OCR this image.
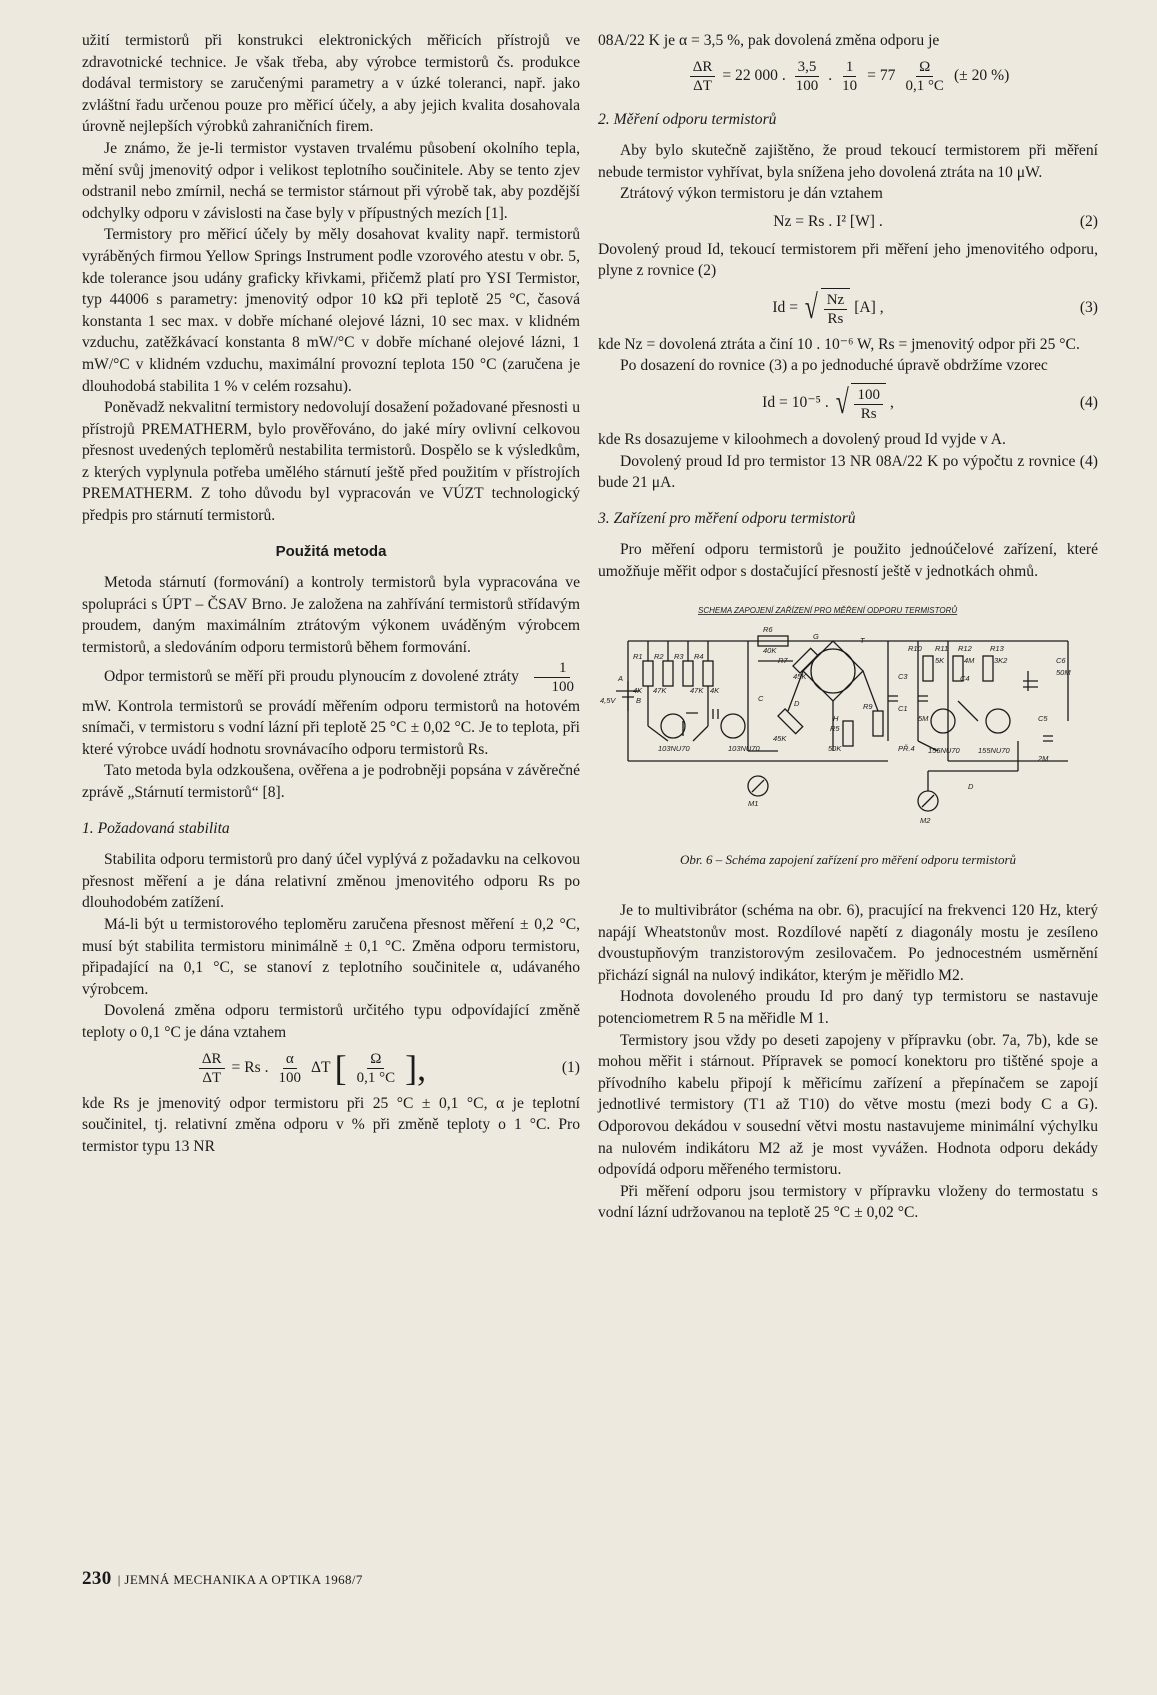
užití termistorů při konstrukci elektronických měřicích přístrojů ve zdravotnické technice. Je však třeba, aby výrobce termistorů čs. produkce dodával termistory se zaručenými parametry a v úzké toleranci, např. jako zvláštní řadu určenou pouze pro měřicí účely, a aby jejich kvalita dosahovala úrovně nejlepších výrobků zahraničních firem.

Je známo, že je-li termistor vystaven trvalému působení okolního tepla, mění svůj jmenovitý odpor i velikost teplotního součinitele. Aby se tento zjev odstranil nebo zmírnil, nechá se termistor stárnout při výrobě tak, aby pozdější odchylky odporu v závislosti na čase byly v přípustných mezích [1].

Termistory pro měřicí účely by měly dosahovat kvality např. termistorů vyráběných firmou Yellow Springs Instrument podle vzorového atestu v obr. 5, kde tolerance jsou udány graficky křivkami, přičemž platí pro YSI Termistor, typ 44006 s parametry: jmenovitý odpor 10 kΩ při teplotě 25 °C, časová konstanta 1 sec max. v dobře míchané olejové lázni, 10 sec max. v klidném vzduchu, zatěžkávací konstanta 8 mW/°C v dobře míchané olejové lázni, 1 mW/°C v klidném vzduchu, maximální provozní teplota 150 °C (zaručena je dlouhodobá stabilita 1 % v celém rozsahu).

Poněvadž nekvalitní termistory nedovolují dosažení požadované přesnosti u přístrojů PREMATHERM, bylo prověřováno, do jaké míry ovlivní celkovou přesnost uvedených teploměrů nestabilita termistorů. Dospělo se k výsledkům, z kterých vyplynula potřeba umělého stárnutí ještě před použitím v přístrojích PREMATHERM. Z toho důvodu byl vypracován ve VÚZT technologický předpis pro stárnutí termistorů.

Použitá metoda

Metoda stárnutí (formování) a kontroly termistorů byla vypracována ve spolupráci s ÚPT – ČSAV Brno. Je založena na zahřívání termistorů střídavým proudem, daným maximálním ztrátovým výkonem uváděným výrobcem termistorů, a sledováním odporu termistorů během formování.

Odpor termistorů se měří při proudu plynoucím z dovolené ztráty $\frac{1}{100}$
mW. Kontrola termistorů se provádí měřením odporu termistorů na hotovém snímači, v termistoru s vodní lázní při teplotě 25 °C ± 0,02 °C. Je to teplota, při které výrobce uvádí hodnotu srovnávacího odporu termistorů Rs.

Tato metoda byla odzkoušena, ověřena a je podrobněji popsána v závěrečné zprávě „Stárnutí termistorů“ [8].

1. Požadovaná stabilita

Stabilita odporu termistorů pro daný účel vyplývá z požadavku na celkovou přesnost měření a je dána relativní změnou jmenovitého odporu Rs po dlouhodobém zatížení.

Má-li být u termistorového teploměru zaručena přesnost měření ± 0,2 °C, musí být stabilita termistoru minimálně ± 0,1 °C. Změna odporu termistoru, připadající na 0,1 °C, se stanoví z teplotního součinitele α, udávaného výrobcem.

Dovolená změna odporu termistorů určitého typu odpovídající změně teploty o 0,1 °C je dána vztahem

$\frac{\Delta R}{\Delta T} = Rs$ . $\frac{\alpha}{100}$ ΔT [ $\frac{\Omega}{0,1 ^\circ C}$ ],	(1)

kde Rs je jmenovitý odpor termistoru při 25 °C ± 0,1 °C, α je teplotní součinitel, tj. relativní změna odporu v % při změně teploty o 1 °C. Pro termistor typu 13 NR

08A/22 K je α = 3,5 %, pak dovolená změna odporu je

$\frac{\Delta R}{\Delta T} = 22$ 000 . $\frac{3,5}{100}$ . $\frac{1}{10} = 77 \frac{\Omega}{0,1 ^\circ C}$ (± 20 %)
2. Měření odporu termistorů

Aby bylo skutečně zajištěno, že proud tekoucí termistorem při měření nebude termistor vyhřívat, byla snížena jeho dovolená ztráta na 10 μW.

Ztrátový výkon termistoru je dán vztahem

Nz = Rs . I² [W] .	(2)

Dovolený proud Id, tekoucí termistorem při měření jeho jmenovitého odporu, plyne z rovnice (2)

Id = √ $\frac{Nz}{Rs} [A]$ ,	(3)

kde Nz = dovolená ztráta a činí 10 . 10⁻⁶ W, Rs = jmenovitý odpor při 25 °C.

Po dosazení do rovnice (3) a po jednoduché úpravě obdržíme vzorec

Id = 10⁻⁵ . √ $\frac{100}{Rs}$ ,	(4)

kde Rs dosazujeme v kiloohmech a dovolený proud Id vyjde v A.

Dovolený proud Id pro termistor 13 NR 08A/22 K po výpočtu z rovnice (4) bude 21 μA.

3. Zařízení pro měření odporu termistorů

Pro měření odporu termistorů je použito jednoúčelové zařízení, které umožňuje měřit odpor s dostačující přesností ještě v jednotkách ohmů.

SCHEMA ZAPOJENÍ ZAŘÍZENÍ PRO MĚŘENÍ ODPORU TERMISTORŮ
R1 R2 R3 R4
4K 47K	47K 4K
R6
40K
R7
45K
G	T
D
H
C
45K
R5
50K
R9
C3
C1
R10 R11 R12 R13
5K	4M	3K2
5M
C4
C5
2M
C6
50M
4,5V
A
B
103NU70	103NU70	155NU70 155NU70
M1
M2
PŘ.4
D
Obr. 6 – Schéma zapojení zařízení pro měření odporu termistorů

Je to multivibrátor (schéma na obr. 6), pracující na frekvenci 120 Hz, který napájí Wheatstonův most. Rozdílové napětí z diagonály mostu je zesíleno dvoustupňovým tranzistorovým zesilovačem. Po jednocestném usměrnění přichází signál na nulový indikátor, kterým je měřidlo M2.

Hodnota dovoleného proudu Id pro daný typ termistoru se nastavuje potenciometrem R 5 na měřidle M 1.

Termistory jsou vždy po deseti zapojeny v přípravku (obr. 7a, 7b), kde se mohou měřit i stárnout. Přípravek se pomocí konektoru pro tištěné spoje a přívodního kabelu připojí k měřicímu zařízení a přepínačem se zapojí jednotlivé termistory (T1 až T10) do větve mostu (mezi body C a G). Odporovou dekádou v sousední větvi mostu nastavujeme minimální výchylku na nulovém indikátoru M2 až je most vyvážen. Hodnota odporu dekády odpovídá odporu měřeného termistoru.

Při měření odporu jsou termistory v přípravku vloženy do termostatu s vodní lázní udržovanou na teplotě 25 °C ± 0,02 °C.

230 | JEMNÁ MECHANIKA A OPTIKA 1968/7
